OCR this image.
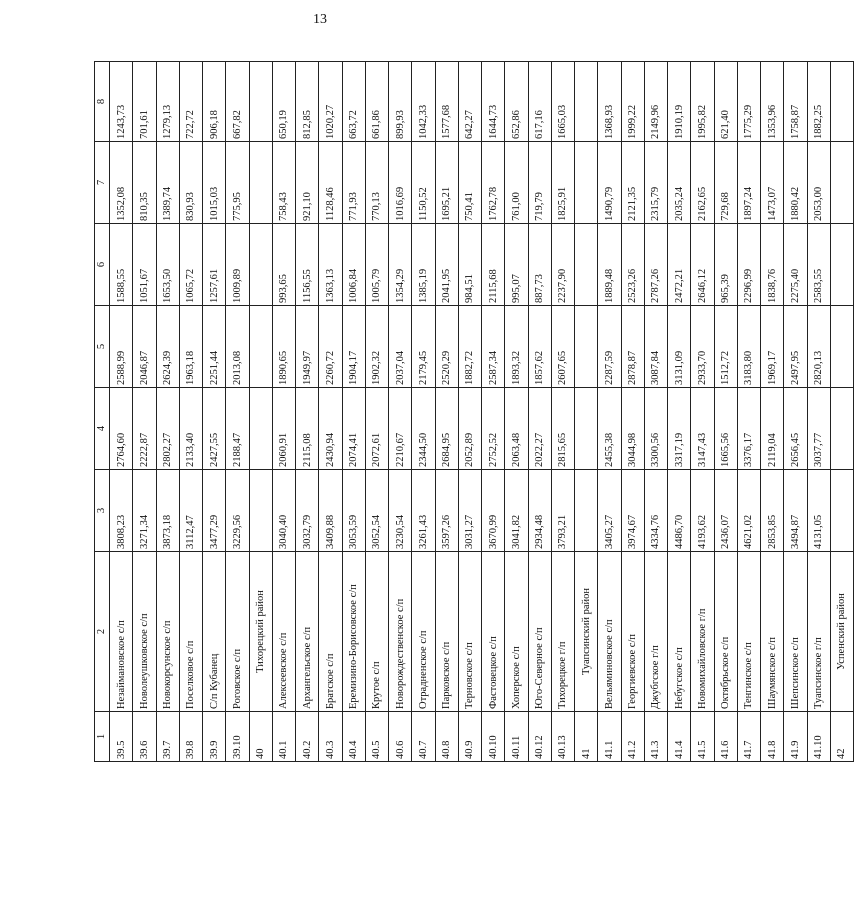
13
1	2	3	4	5	6	7	8
39.5	Незаймановское с/п	3808,23	2764,60	2588,99	1588,55	1352,08	1243,73
39.6	Новолеушковское с/п	3271,34	2222,87	2046,87	1051,67	810,35	701,61
39.7	Новокорсунское с/п	3873,18	2802,27	2624,39	1653,50	1389,74	1279,13
39.8	Поселковое с/п	3112,47	2133,40	1963,18	1065,72	830,93	722,72
39.9	С/п Кубанец	3477,29	2427,55	2251,44	1257,61	1015,03	906,18
39.10	Роговское с/п	3229,56	2188,47	2013,08	1009,89	775,95	667,82
40	Тихорецкий район						
40.1	Алексеевское с/п	3040,40	2060,91	1890,65	993,65	758,43	650,19
40.2	Архангельское с/п	3032,79	2115,08	1949,97	1156,55	921,10	812,85
40.3	Братское с/п	3409,88	2430,94	2260,72	1363,13	1128,46	1020,27
40.4	Еремизино-Борисовское с/п	3053,59	2074,41	1904,17	1006,84	771,93	663,72
40.5	Крутое с/п	3052,54	2072,61	1902,32	1005,79	770,13	661,86
40.6	Новорождественское с/п	3230,54	2210,67	2037,04	1354,29	1016,69	899,93
40.7	Отрадненское с/п	3261,43	2344,50	2179,45	1385,19	1150,52	1042,33
40.8	Парковское с/п	3597,26	2684,95	2520,29	2041,95	1695,21	1577,68
40.9	Терновское с/п	3031,27	2052,89	1882,72	984,51	750,41	642,27
40.10	Фастовецкое с/п	3670,99	2752,52	2587,34	2115,68	1762,78	1644,73
40.11	Хоперское с/п	3041,82	2063,48	1893,32	995,07	761,00	652,86
40.12	Юго-Северное с/п	2934,48	2022,27	1857,62	887,73	719,79	617,16
40.13	Тихорецкое г/п	3793,21	2815,65	2607,65	2237,90	1825,91	1665,03
41	Туапсинский район						
41.1	Вельяминовское с/п	3405,27	2455,38	2287,59	1889,48	1490,79	1368,93
41.2	Георгиевское с/п	3974,67	3044,98	2878,87	2523,26	2121,35	1999,22
41.3	Джубгское г/п	4334,76	3300,56	3087,84	2787,26	2315,79	2149,96
41.4	Небугское с/п	4486,70	3317,19	3131,09	2472,21	2035,24	1910,19
41.5	Новомихайловское г/п	4193,62	3147,43	2933,70	2646,12	2162,65	1995,82
41.6	Октябрьское с/п	2436,07	1665,56	1512,72	965,39	729,68	621,40
41.7	Тенгинское с/п	4621,02	3376,17	3183,80	2296,99	1897,24	1775,29
41.8	Шаумянское с/п	2853,85	2119,04	1969,17	1838,76	1473,07	1353,96
41.9	Шепсинское с/п	3494,87	2656,45	2497,95	2275,40	1880,42	1758,87
41.10	Туапсинское г/п	4131,05	3037,77	2820,13	2583,55	2053,00	1882,25
42	Успенский район						
